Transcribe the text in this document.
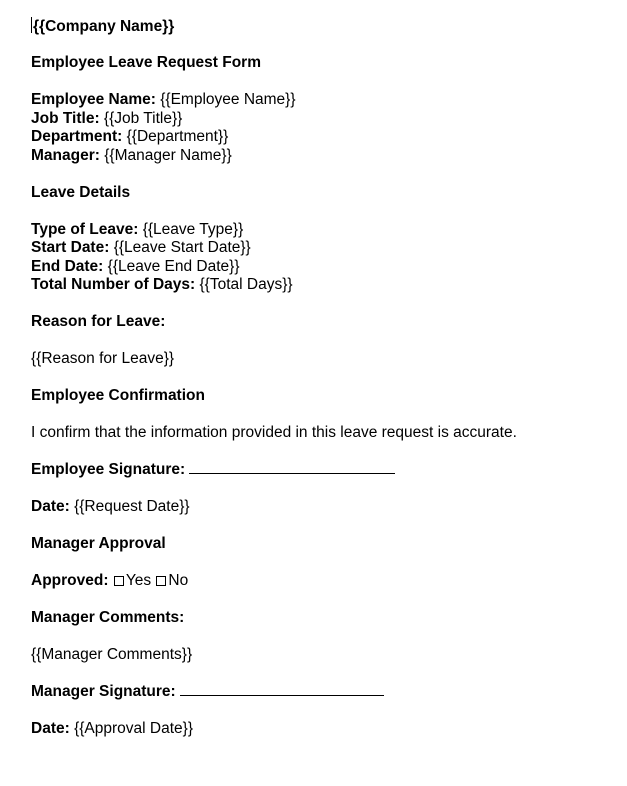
{{Company Name}}
Employee Leave Request Form
Employee Name: {{Employee Name}}
Job Title: {{Job Title}}
Department: {{Department}}
Manager: {{Manager Name}}
Leave Details
Type of Leave: {{Leave Type}}
Start Date: {{Leave Start Date}}
End Date: {{Leave End Date}}
Total Number of Days: {{Total Days}}
Reason for Leave:
{{Reason for Leave}}
Employee Confirmation
I confirm that the information provided in this leave request is accurate.
Employee Signature:
Date: {{Request Date}}
Manager Approval
Approved: Yes No
Manager Comments:
{{Manager Comments}}
Manager Signature:
Date: {{Approval Date}}
